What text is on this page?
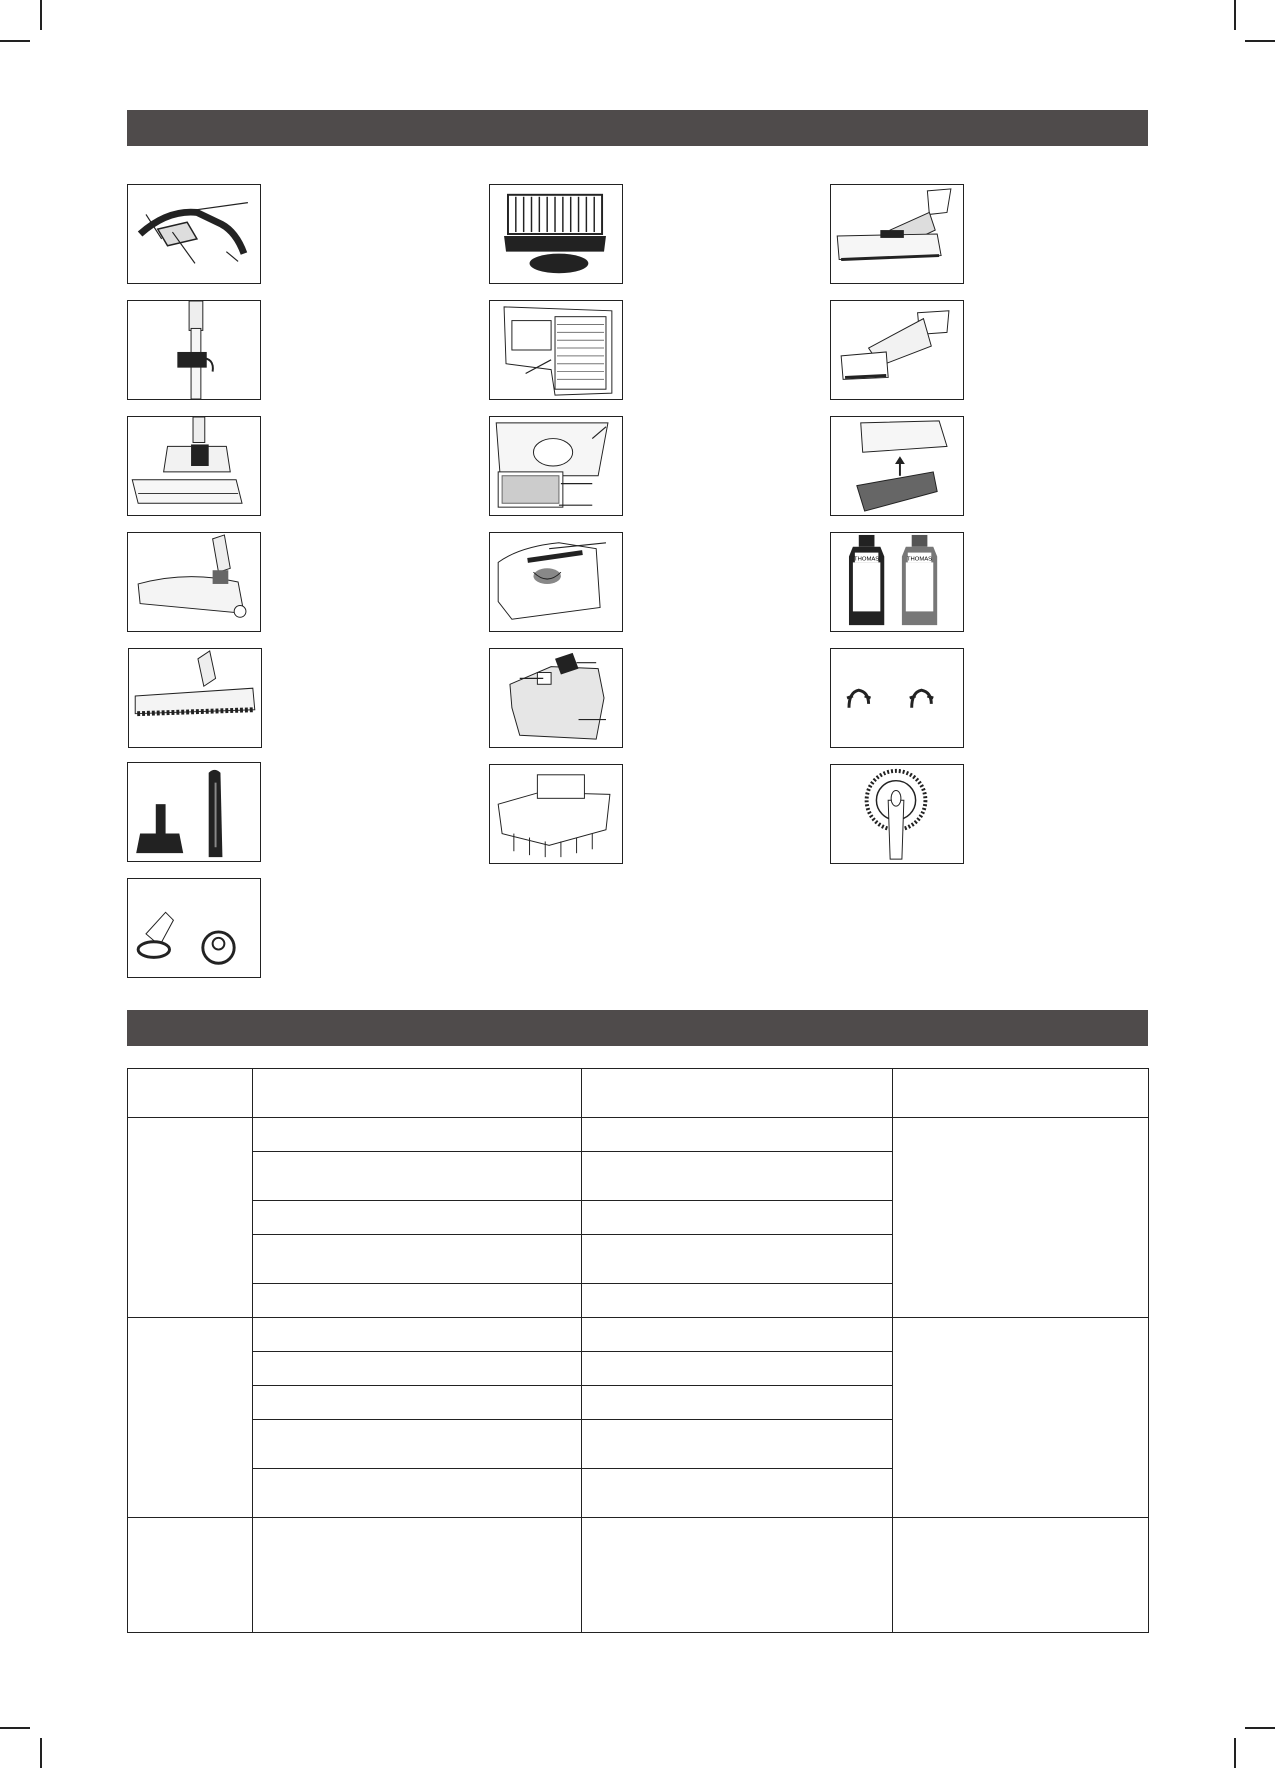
THOMAS	THOMAS
